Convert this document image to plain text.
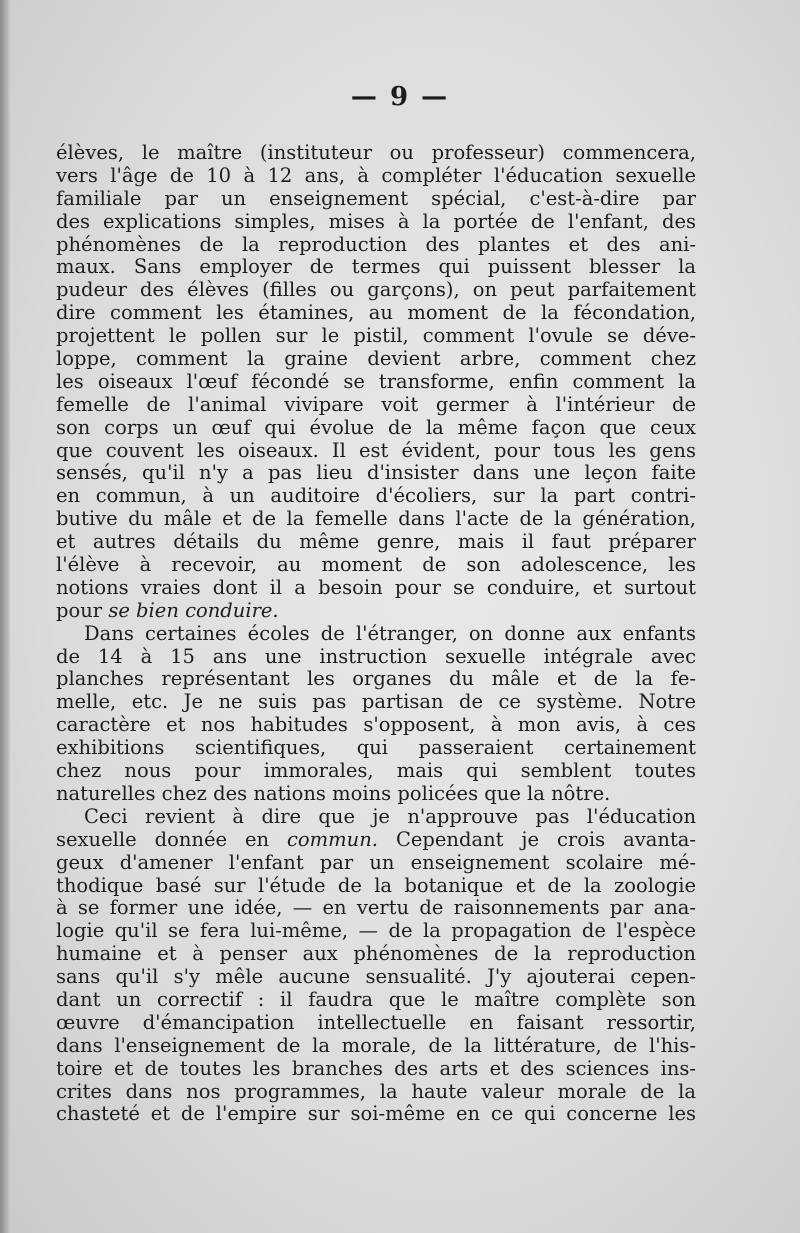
— 9 —
élèves, le maître (instituteur ou professeur) commencera,
vers l'âge de 10 à 12 ans, à compléter l'éducation sexuelle
familiale par un enseignement spécial, c'est-à-dire par
des explications simples, mises à la portée de l'enfant, des
phénomènes de la reproduction des plantes et des ani-
maux. Sans employer de termes qui puissent blesser la
pudeur des élèves (filles ou garçons), on peut parfaitement
dire comment les étamines, au moment de la fécondation,
projettent le pollen sur le pistil, comment l'ovule se déve-
loppe, comment la graine devient arbre, comment chez
les oiseaux l'œuf fécondé se transforme, enfin comment la
femelle de l'animal vivipare voit germer à l'intérieur de
son corps un œuf qui évolue de la même façon que ceux
que couvent les oiseaux. Il est évident, pour tous les gens
sensés, qu'il n'y a pas lieu d'insister dans une leçon faite
en commun, à un auditoire d'écoliers, sur la part contri-
butive du mâle et de la femelle dans l'acte de la génération,
et autres détails du même genre, mais il faut préparer
l'élève à recevoir, au moment de son adolescence, les
notions vraies dont il a besoin pour se conduire, et surtout
pour se bien conduire.
Dans certaines écoles de l'étranger, on donne aux enfants
de 14 à 15 ans une instruction sexuelle intégrale avec
planches représentant les organes du mâle et de la fe-
melle, etc. Je ne suis pas partisan de ce système. Notre
caractère et nos habitudes s'opposent, à mon avis, à ces
exhibitions scientifiques, qui passeraient certainement
chez nous pour immorales, mais qui semblent toutes
naturelles chez des nations moins policées que la nôtre.
Ceci revient à dire que je n'approuve pas l'éducation
sexuelle donnée en commun. Cependant je crois avanta-
geux d'amener l'enfant par un enseignement scolaire mé-
thodique basé sur l'étude de la botanique et de la zoologie
à se former une idée, — en vertu de raisonnements par ana-
logie qu'il se fera lui-même, — de la propagation de l'espèce
humaine et à penser aux phénomènes de la reproduction
sans qu'il s'y mêle aucune sensualité. J'y ajouterai cepen-
dant un correctif : il faudra que le maître complète son
œuvre d'émancipation intellectuelle en faisant ressortir,
dans l'enseignement de la morale, de la littérature, de l'his-
toire et de toutes les branches des arts et des sciences ins-
crites dans nos programmes, la haute valeur morale de la
chasteté et de l'empire sur soi-même en ce qui concerne les
